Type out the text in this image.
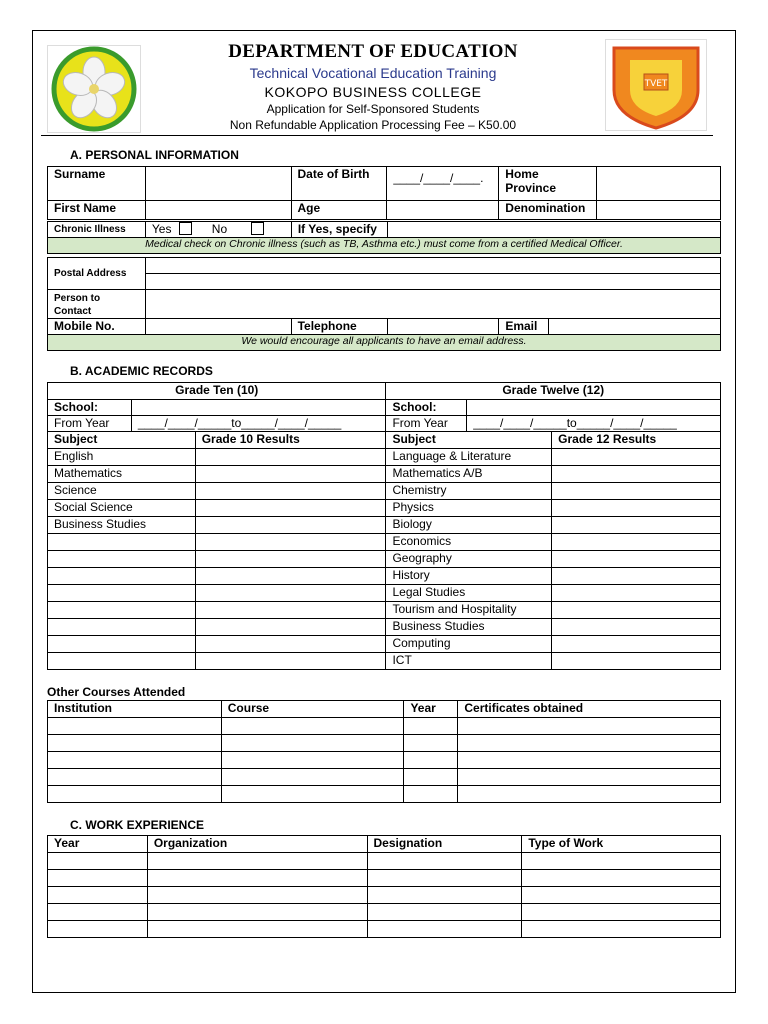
DEPARTMENT OF EDUCATION
Technical Vocational Education Training
KOKOPO BUSINESS COLLEGE
Application for Self-Sponsored Students
Non Refundable Application Processing Fee – K50.00
TVET
A. PERSONAL INFORMATION
Surname		Date of Birth	____/____/____.	Home Province	
First Name		Age		Denomination	
Chronic Illness	Yes	No	If Yes, specify	
Medical check on Chronic illness (such as TB, Asthma etc.) must come from a certified Medical Officer.
Postal Address					

Person to Contact					
Mobile No.		Telephone		Email	
We would encourage all applicants to have an email address.					
B. ACADEMIC RECORDS
Grade Ten (10)			Grade Twelve (12)		
School:			School:		
From Year	____/____/_____to_____/____/_____		From Year	____/____/_____to_____/____/_____	
Subject		Grade 10 Results	Subject		Grade 12 Results
English			Language & Literature		
Mathematics			Mathematics A/B		
Science			Chemistry		
Social Science			Physics		
Business Studies			Biology		
			Economics		
			Geography		
			History		
			Legal Studies		
			Tourism and Hospitality		
			Business Studies		
			Computing		
			ICT		
Other Courses Attended
Institution	Course	Year	Certificates obtained

C. WORK EXPERIENCE
Year	Organization	Designation	Type of Work
